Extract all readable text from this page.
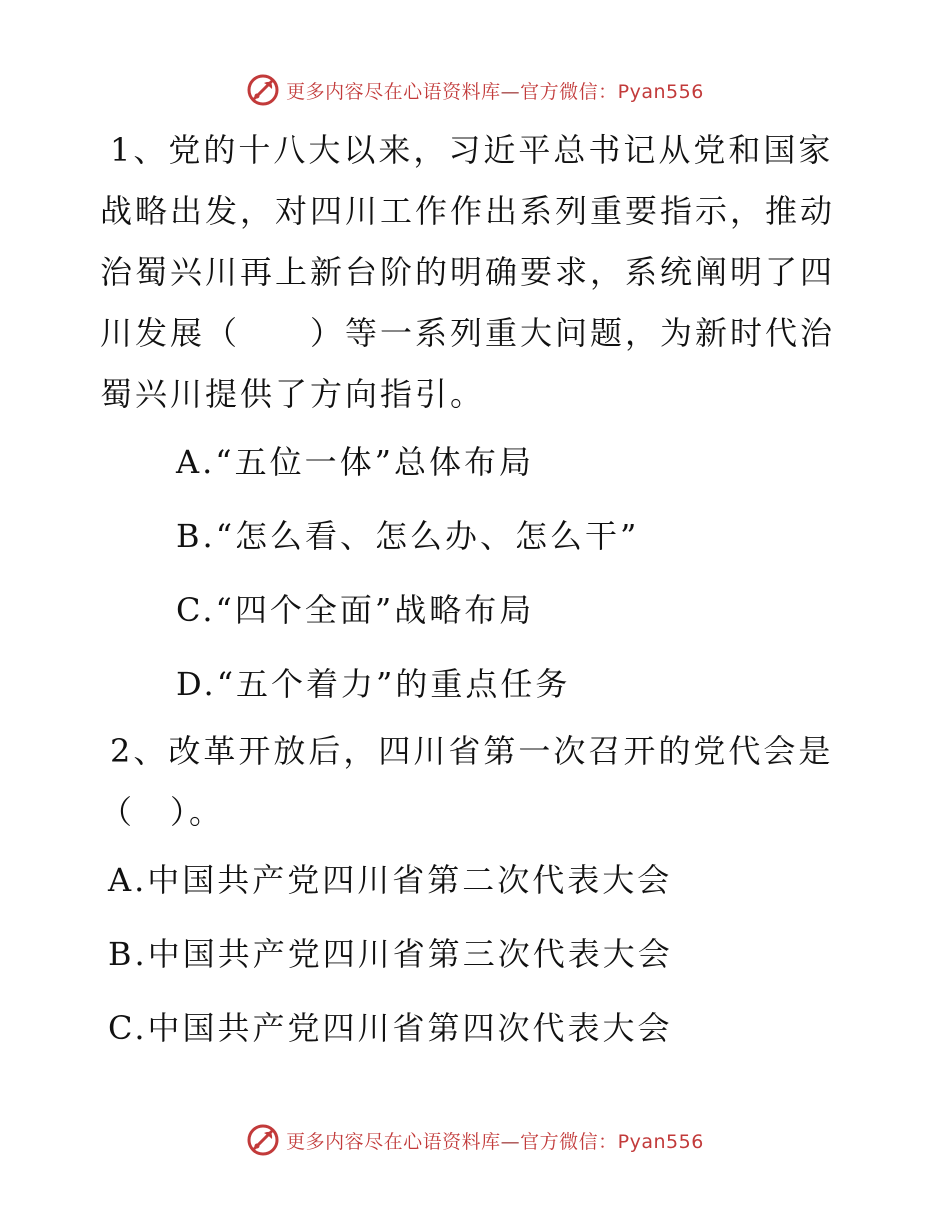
更多内容尽在心语资料库—官方微信：Pyan556

1、党的十八大以来，习近平总书记从党和国家战略出发，对四川工作作出系列重要指示，推动治蜀兴川再上新台阶的明确要求，系统阐明了四川发展（　　）等一系列重大问题，为新时代治蜀兴川提供了方向指引。

A.“五位一体”总体布局

B.“怎么看、怎么办、怎么干”

C.“四个全面”战略布局

D.“五个着力”的重点任务

2、改革开放后，四川省第一次召开的党代会是（　）。

A.中国共产党四川省第二次代表大会

B.中国共产党四川省第三次代表大会

C.中国共产党四川省第四次代表大会

更多内容尽在心语资料库—官方微信：Pyan556
